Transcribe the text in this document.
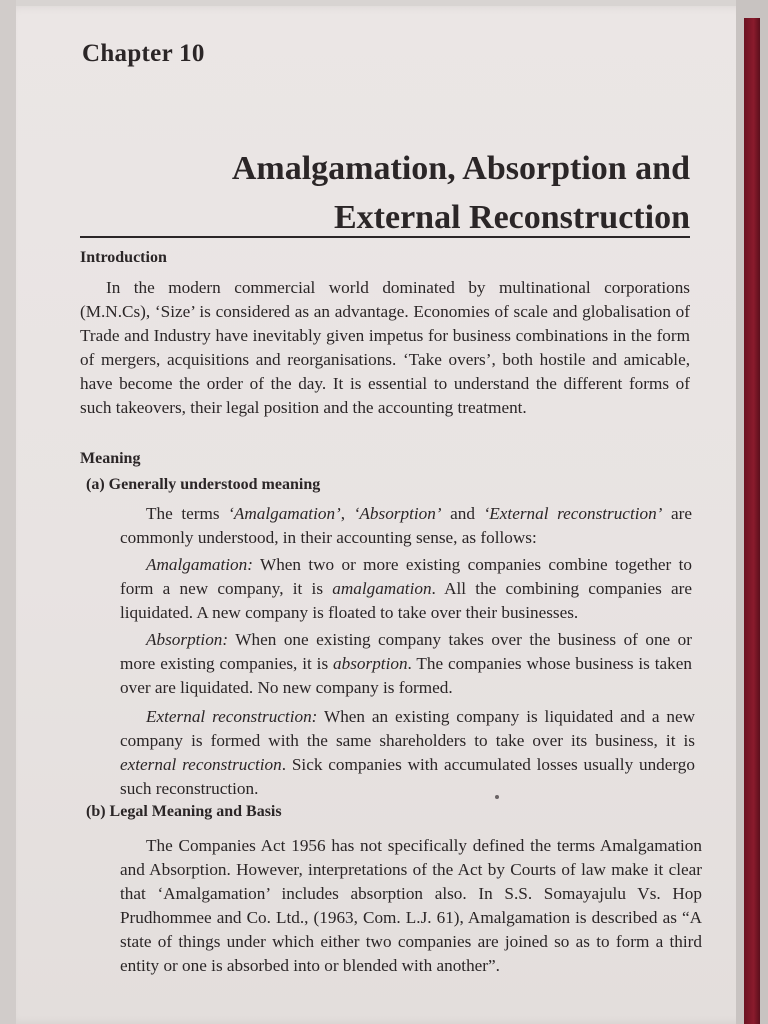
Chapter 10
Amalgamation, Absorption and
External Reconstruction
Introduction
In the modern commercial world dominated by multinational corporations (M.N.Cs), ‘Size’ is considered as an advantage. Economies of scale and globalisation of Trade and Industry have inevitably given impetus for business combinations in the form of mergers, acquisitions and reorganisations. ‘Take overs’, both hostile and amicable, have become the order of the day. It is essential to understand the different forms of such takeovers, their legal position and the accounting treatment.
Meaning
(a) Generally understood meaning
The terms ‘Amalgamation’, ‘Absorption’ and ‘External reconstruction’ are commonly understood, in their accounting sense, as follows:
Amalgamation: When two or more existing companies combine together to form a new company, it is amalgamation. All the combining companies are liquidated. A new company is floated to take over their businesses.
Absorption: When one existing company takes over the business of one or more existing companies, it is absorption. The companies whose business is taken over are liquidated. No new company is formed.
External reconstruction: When an existing company is liquidated and a new company is formed with the same shareholders to take over its business, it is external reconstruction. Sick companies with accumulated losses usually undergo such reconstruction.
(b) Legal Meaning and Basis
The Companies Act 1956 has not specifically defined the terms Amalgamation and Absorption. However, interpretations of the Act by Courts of law make it clear that ‘Amalgamation’ includes absorption also. In S.S. Somayajulu Vs. Hop Prudhommee and Co. Ltd., (1963, Com. L.J. 61), Amalgamation is described as “A state of things under which either two companies are joined so as to form a third entity or one is absorbed into or blended with another”.
